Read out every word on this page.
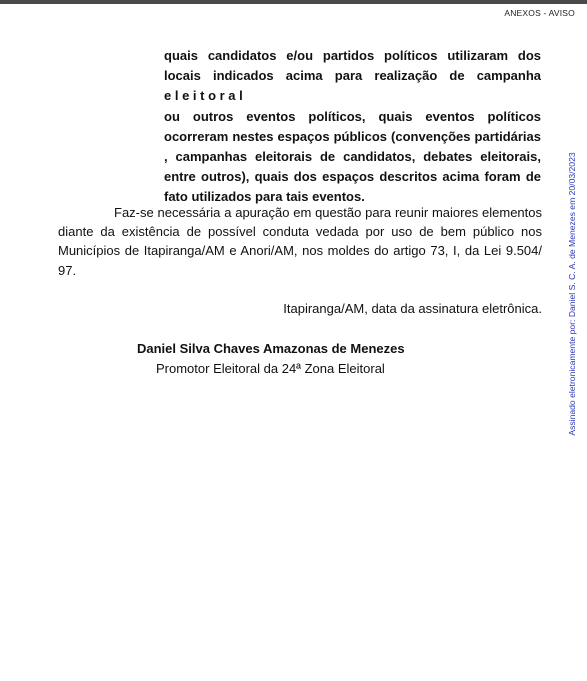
ANEXOS - AVISO
quais candidatos e/ou partidos políticos utilizaram dos
locais indicados acima para realização de campanha
e l e i t o r a l
ou outros eventos políticos, quais eventos políticos
ocorreram nestes espaços públicos (convenções partidárias
, campanhas eleitorais de candidatos, debates eleitorais,
entre outros), quais dos espaços descritos acima foram de
fato utilizados para tais eventos.
Faz-se necessária a apuração em questão para reunir maiores elementos
diante da existência de possível conduta vedada por uso de bem público nos
Municípios de Itapiranga/AM e Anori/AM, nos moldes do artigo 73, I, da Lei 9.504/
97.
Itapiranga/AM, data da assinatura eletrônica.
Daniel Silva Chaves Amazonas de Menezes
Promotor Eleitoral da 24ª Zona Eleitoral	Assinado eletronicamente por: Daniel S. C. A. de Menezes em 20/03/2023
